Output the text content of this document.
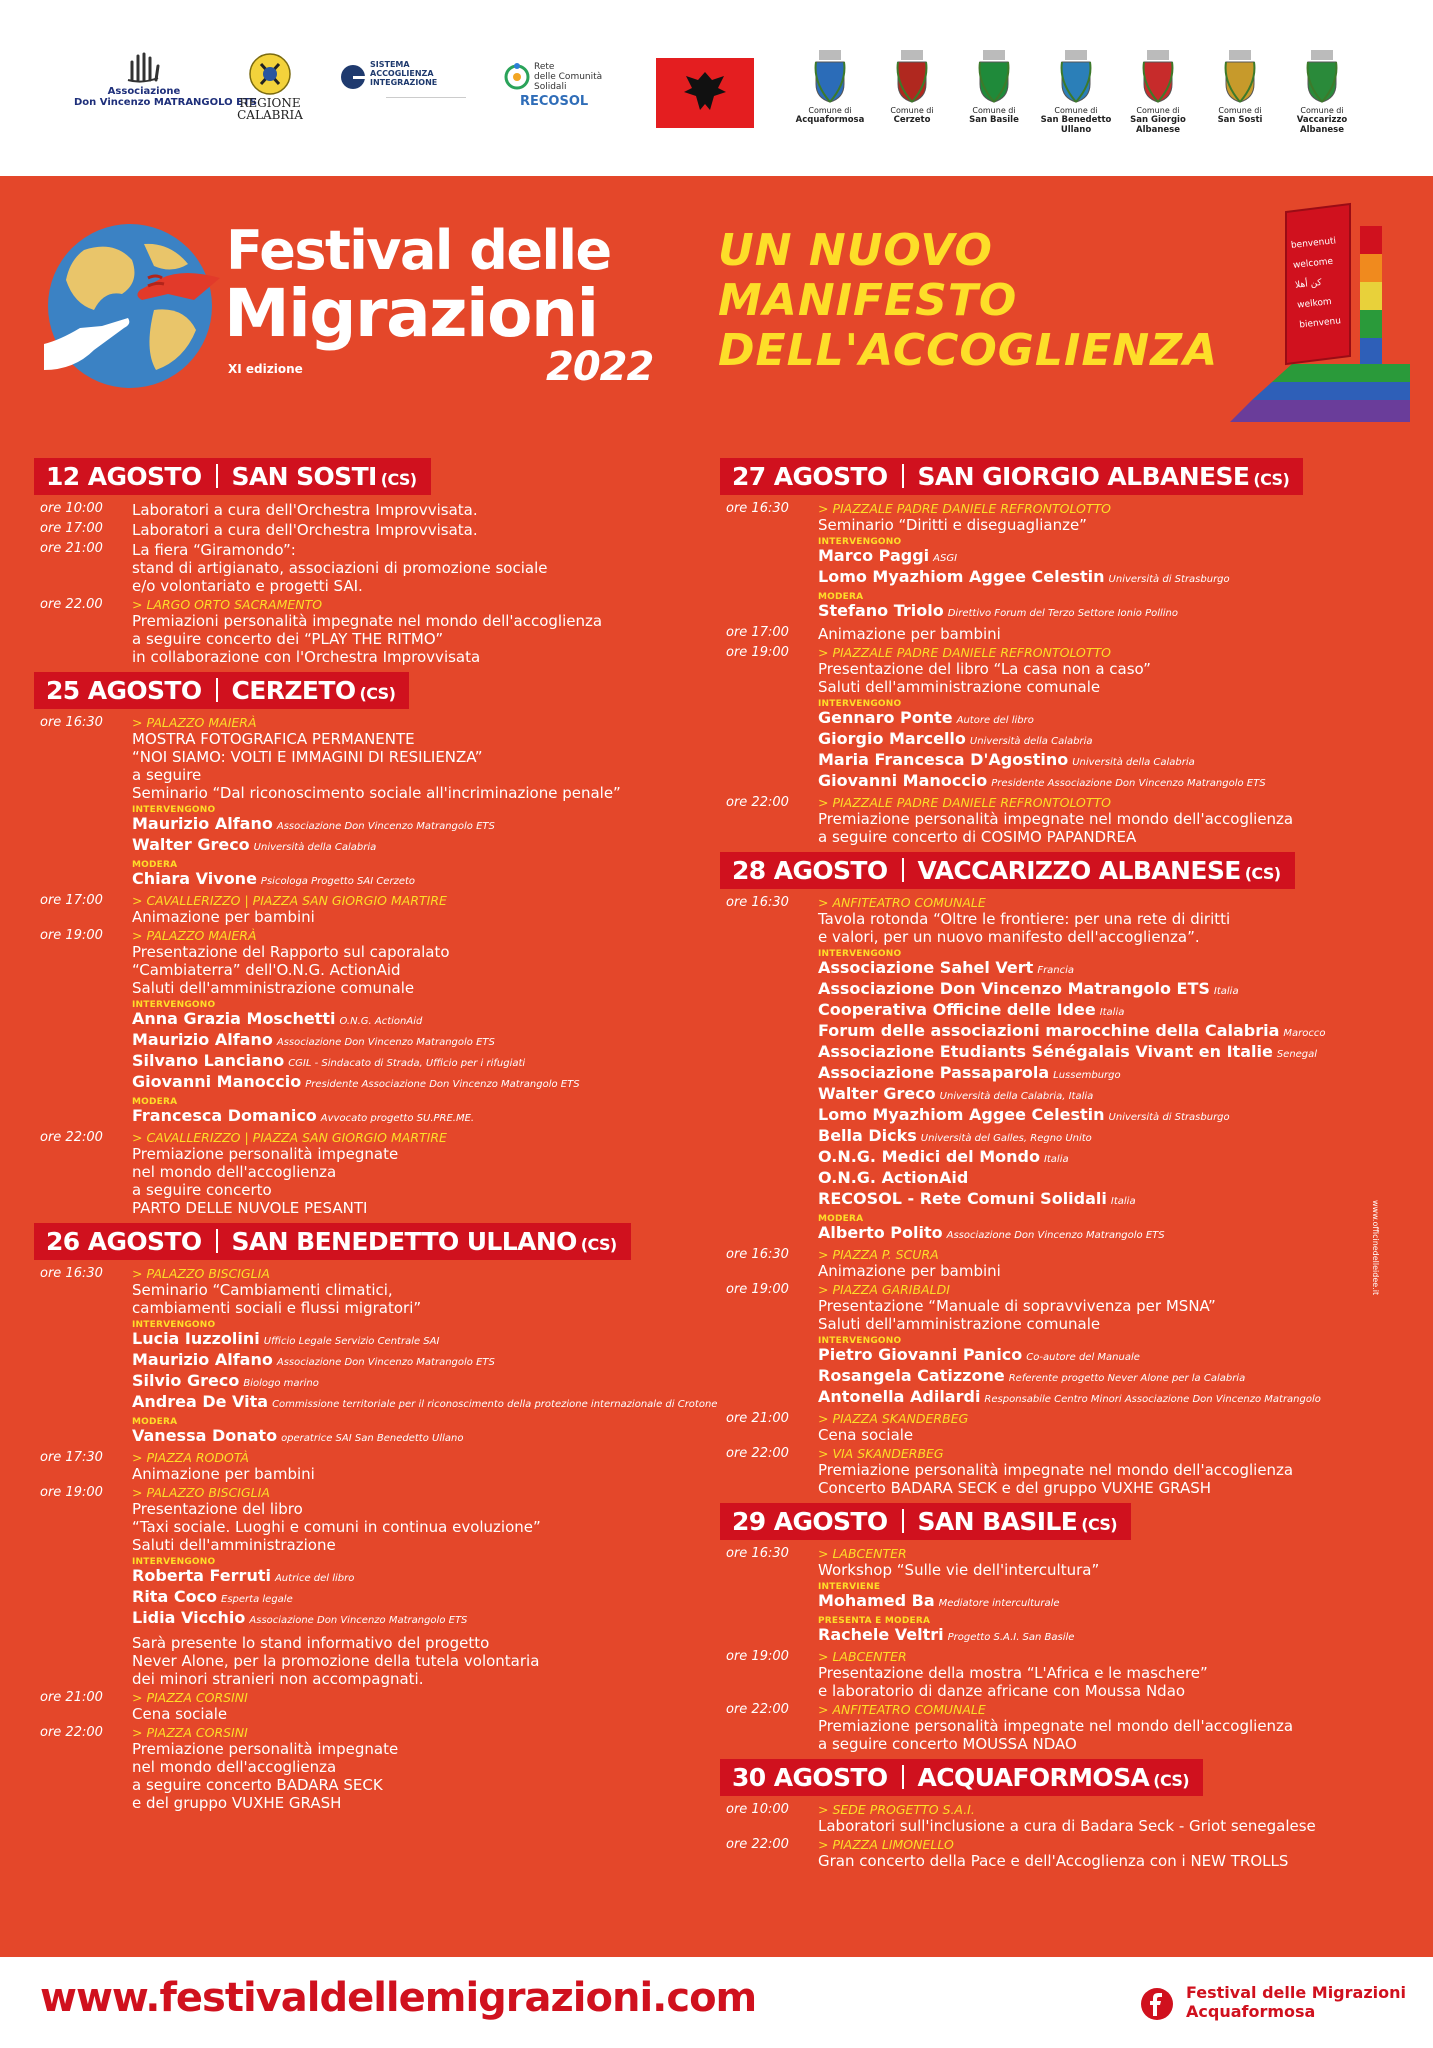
Associazione
Don Vincenzo MATRANGOLO ETS
REGIONE
CALABRIA
SISTEMA
ACCOGLIENZA
INTEGRAZIONE
Rete
delle Comunità
Solidali
RECOSOL
Comune di
Acquaformosa
Comune di
Cerzeto
Comune di
San Basile
Comune di
San Benedetto Ullano
Comune di
San Giorgio Albanese
Comune di
San Sosti
Comune di
Vaccarizzo Albanese
Festival delle
Migrazioni
XI edizione	2022
UN NUOVO
MANIFESTO
DELL'ACCOGLIENZA
benvenuti
welcome
كن أهلا
welkom
bienvenu
12 AGOSTO SAN SOSTI (CS)
ore 10:00	Laboratori a cura dell'Orchestra Improvvisata.
ore 17:00	Laboratori a cura dell'Orchestra Improvvisata.
ore 21:00	La fiera “Giramondo”:
stand di artigianato, associazioni di promozione sociale
e/o volontariato e progetti SAI.
ore 22.00	> LARGO ORTO SACRAMENTO
Premiazioni personalità impegnate nel mondo dell'accoglienza
a seguire concerto dei “PLAY THE RITMO”
in collaborazione con l'Orchestra Improvvisata
25 AGOSTO CERZETO (CS)
ore 16:30	> PALAZZO MAIERÀ
MOSTRA FOTOGRAFICA PERMANENTE
“NOI SIAMO: VOLTI E IMMAGINI DI RESILIENZA”
a seguire
Seminario “Dal riconoscimento sociale all'incriminazione penale”
INTERVENGONO
Maurizio Alfano Associazione Don Vincenzo Matrangolo ETS
Walter Greco Università della Calabria
MODERA
Chiara Vivone Psicologa Progetto SAI Cerzeto
ore 17:00	> CAVALLERIZZO | PIAZZA SAN GIORGIO MARTIRE
Animazione per bambini
ore 19:00	> PALAZZO MAIERÀ
Presentazione del Rapporto sul caporalato
“Cambiaterra” dell'O.N.G. ActionAid
Saluti dell'amministrazione comunale
INTERVENGONO
Anna Grazia Moschetti O.N.G. ActionAid
Maurizio Alfano Associazione Don Vincenzo Matrangolo ETS
Silvano Lanciano CGIL - Sindacato di Strada, Ufficio per i rifugiati
Giovanni Manoccio Presidente Associazione Don Vincenzo Matrangolo ETS
MODERA
Francesca Domanico Avvocato progetto SU.PRE.ME.
ore 22:00	> CAVALLERIZZO | PIAZZA SAN GIORGIO MARTIRE
Premiazione personalità impegnate
nel mondo dell'accoglienza
a seguire concerto
PARTO DELLE NUVOLE PESANTI
26 AGOSTO SAN BENEDETTO ULLANO (CS)
ore 16:30	> PALAZZO BISCIGLIA
Seminario “Cambiamenti climatici,
cambiamenti sociali e flussi migratori”
INTERVENGONO
Lucia Iuzzolini Ufficio Legale Servizio Centrale SAI
Maurizio Alfano Associazione Don Vincenzo Matrangolo ETS
Silvio Greco Biologo marino
Andrea De Vita Commissione territoriale per il riconoscimento della protezione internazionale di Crotone
MODERA
Vanessa Donato operatrice SAI San Benedetto Ullano
ore 17:30	> PIAZZA RODOTÀ
Animazione per bambini
ore 19:00	> PALAZZO BISCIGLIA
Presentazione del libro
“Taxi sociale. Luoghi e comuni in continua evoluzione”
Saluti dell'amministrazione
INTERVENGONO
Roberta Ferruti Autrice del libro
Rita Coco Esperta legale
Lidia Vicchio Associazione Don Vincenzo Matrangolo ETS
Sarà presente lo stand informativo del progetto
Never Alone, per la promozione della tutela volontaria
dei minori stranieri non accompagnati.
ore 21:00	> PIAZZA CORSINI
Cena sociale
ore 22:00	> PIAZZA CORSINI
Premiazione personalità impegnate
nel mondo dell'accoglienza
a seguire concerto BADARA SECK
e del gruppo VUXHE GRASH
27 AGOSTO SAN GIORGIO ALBANESE (CS)
ore 16:30	> PIAZZALE PADRE DANIELE REFRONTOLOTTO
Seminario “Diritti e diseguaglianze”
INTERVENGONO
Marco Paggi ASGI
Lomo Myazhiom Aggee Celestin Università di Strasburgo
MODERA
Stefano Triolo Direttivo Forum del Terzo Settore Ionio Pollino
ore 17:00	Animazione per bambini
ore 19:00	> PIAZZALE PADRE DANIELE REFRONTOLOTTO
Presentazione del libro “La casa non a caso”
Saluti dell'amministrazione comunale
INTERVENGONO
Gennaro Ponte Autore del libro
Giorgio Marcello Università della Calabria
Maria Francesca D'Agostino Università della Calabria
Giovanni Manoccio Presidente Associazione Don Vincenzo Matrangolo ETS
ore 22:00	> PIAZZALE PADRE DANIELE REFRONTOLOTTO
Premiazione personalità impegnate nel mondo dell'accoglienza
a seguire concerto di COSIMO PAPANDREA
28 AGOSTO VACCARIZZO ALBANESE (CS)
ore 16:30	> ANFITEATRO COMUNALE
Tavola rotonda “Oltre le frontiere: per una rete di diritti
e valori, per un nuovo manifesto dell'accoglienza”.
INTERVENGONO
Associazione Sahel Vert Francia
Associazione Don Vincenzo Matrangolo ETS Italia
Cooperativa Officine delle Idee Italia
Forum delle associazioni marocchine della Calabria Marocco
Associazione Etudiants Sénégalais Vivant en Italie Senegal
Associazione Passaparola Lussemburgo
Walter Greco Università della Calabria, Italia
Lomo Myazhiom Aggee Celestin Università di Strasburgo
Bella Dicks Università del Galles, Regno Unito
O.N.G. Medici del Mondo Italia
O.N.G. ActionAid
RECOSOL - Rete Comuni Solidali Italia
MODERA
Alberto Polito Associazione Don Vincenzo Matrangolo ETS
ore 16:30	> PIAZZA P. SCURA
Animazione per bambini
ore 19:00	> PIAZZA GARIBALDI
Presentazione “Manuale di sopravvivenza per MSNA”
Saluti dell'amministrazione comunale
INTERVENGONO
Pietro Giovanni Panico Co-autore del Manuale
Rosangela Catizzone Referente progetto Never Alone per la Calabria
Antonella Adilardi Responsabile Centro Minori Associazione Don Vincenzo Matrangolo
ore 21:00	> PIAZZA SKANDERBEG
Cena sociale
ore 22:00	> VIA SKANDERBEG
Premiazione personalità impegnate nel mondo dell'accoglienza
Concerto BADARA SECK e del gruppo VUXHE GRASH
29 AGOSTO SAN BASILE (CS)
ore 16:30	> LABCENTER
Workshop “Sulle vie dell'intercultura”
INTERVIENE
Mohamed Ba Mediatore interculturale
PRESENTA E MODERA
Rachele Veltri Progetto S.A.I. San Basile
ore 19:00	> LABCENTER
Presentazione della mostra “L'Africa e le maschere”
e laboratorio di danze africane con Moussa Ndao
ore 22:00	> ANFITEATRO COMUNALE
Premiazione personalità impegnate nel mondo dell'accoglienza
a seguire concerto MOUSSA NDAO
30 AGOSTO ACQUAFORMOSA (CS)
ore 10:00	> SEDE PROGETTO S.A.I.
Laboratori sull'inclusione a cura di Badara Seck - Griot senegalese
ore 22:00	> PIAZZA LIMONELLO
Gran concerto della Pace e dell'Accoglienza con i NEW TROLLS
www.officinedelleidee.it
www.festivaldellemigrazioni.com	Festival delle Migrazioni
Acquaformosa
